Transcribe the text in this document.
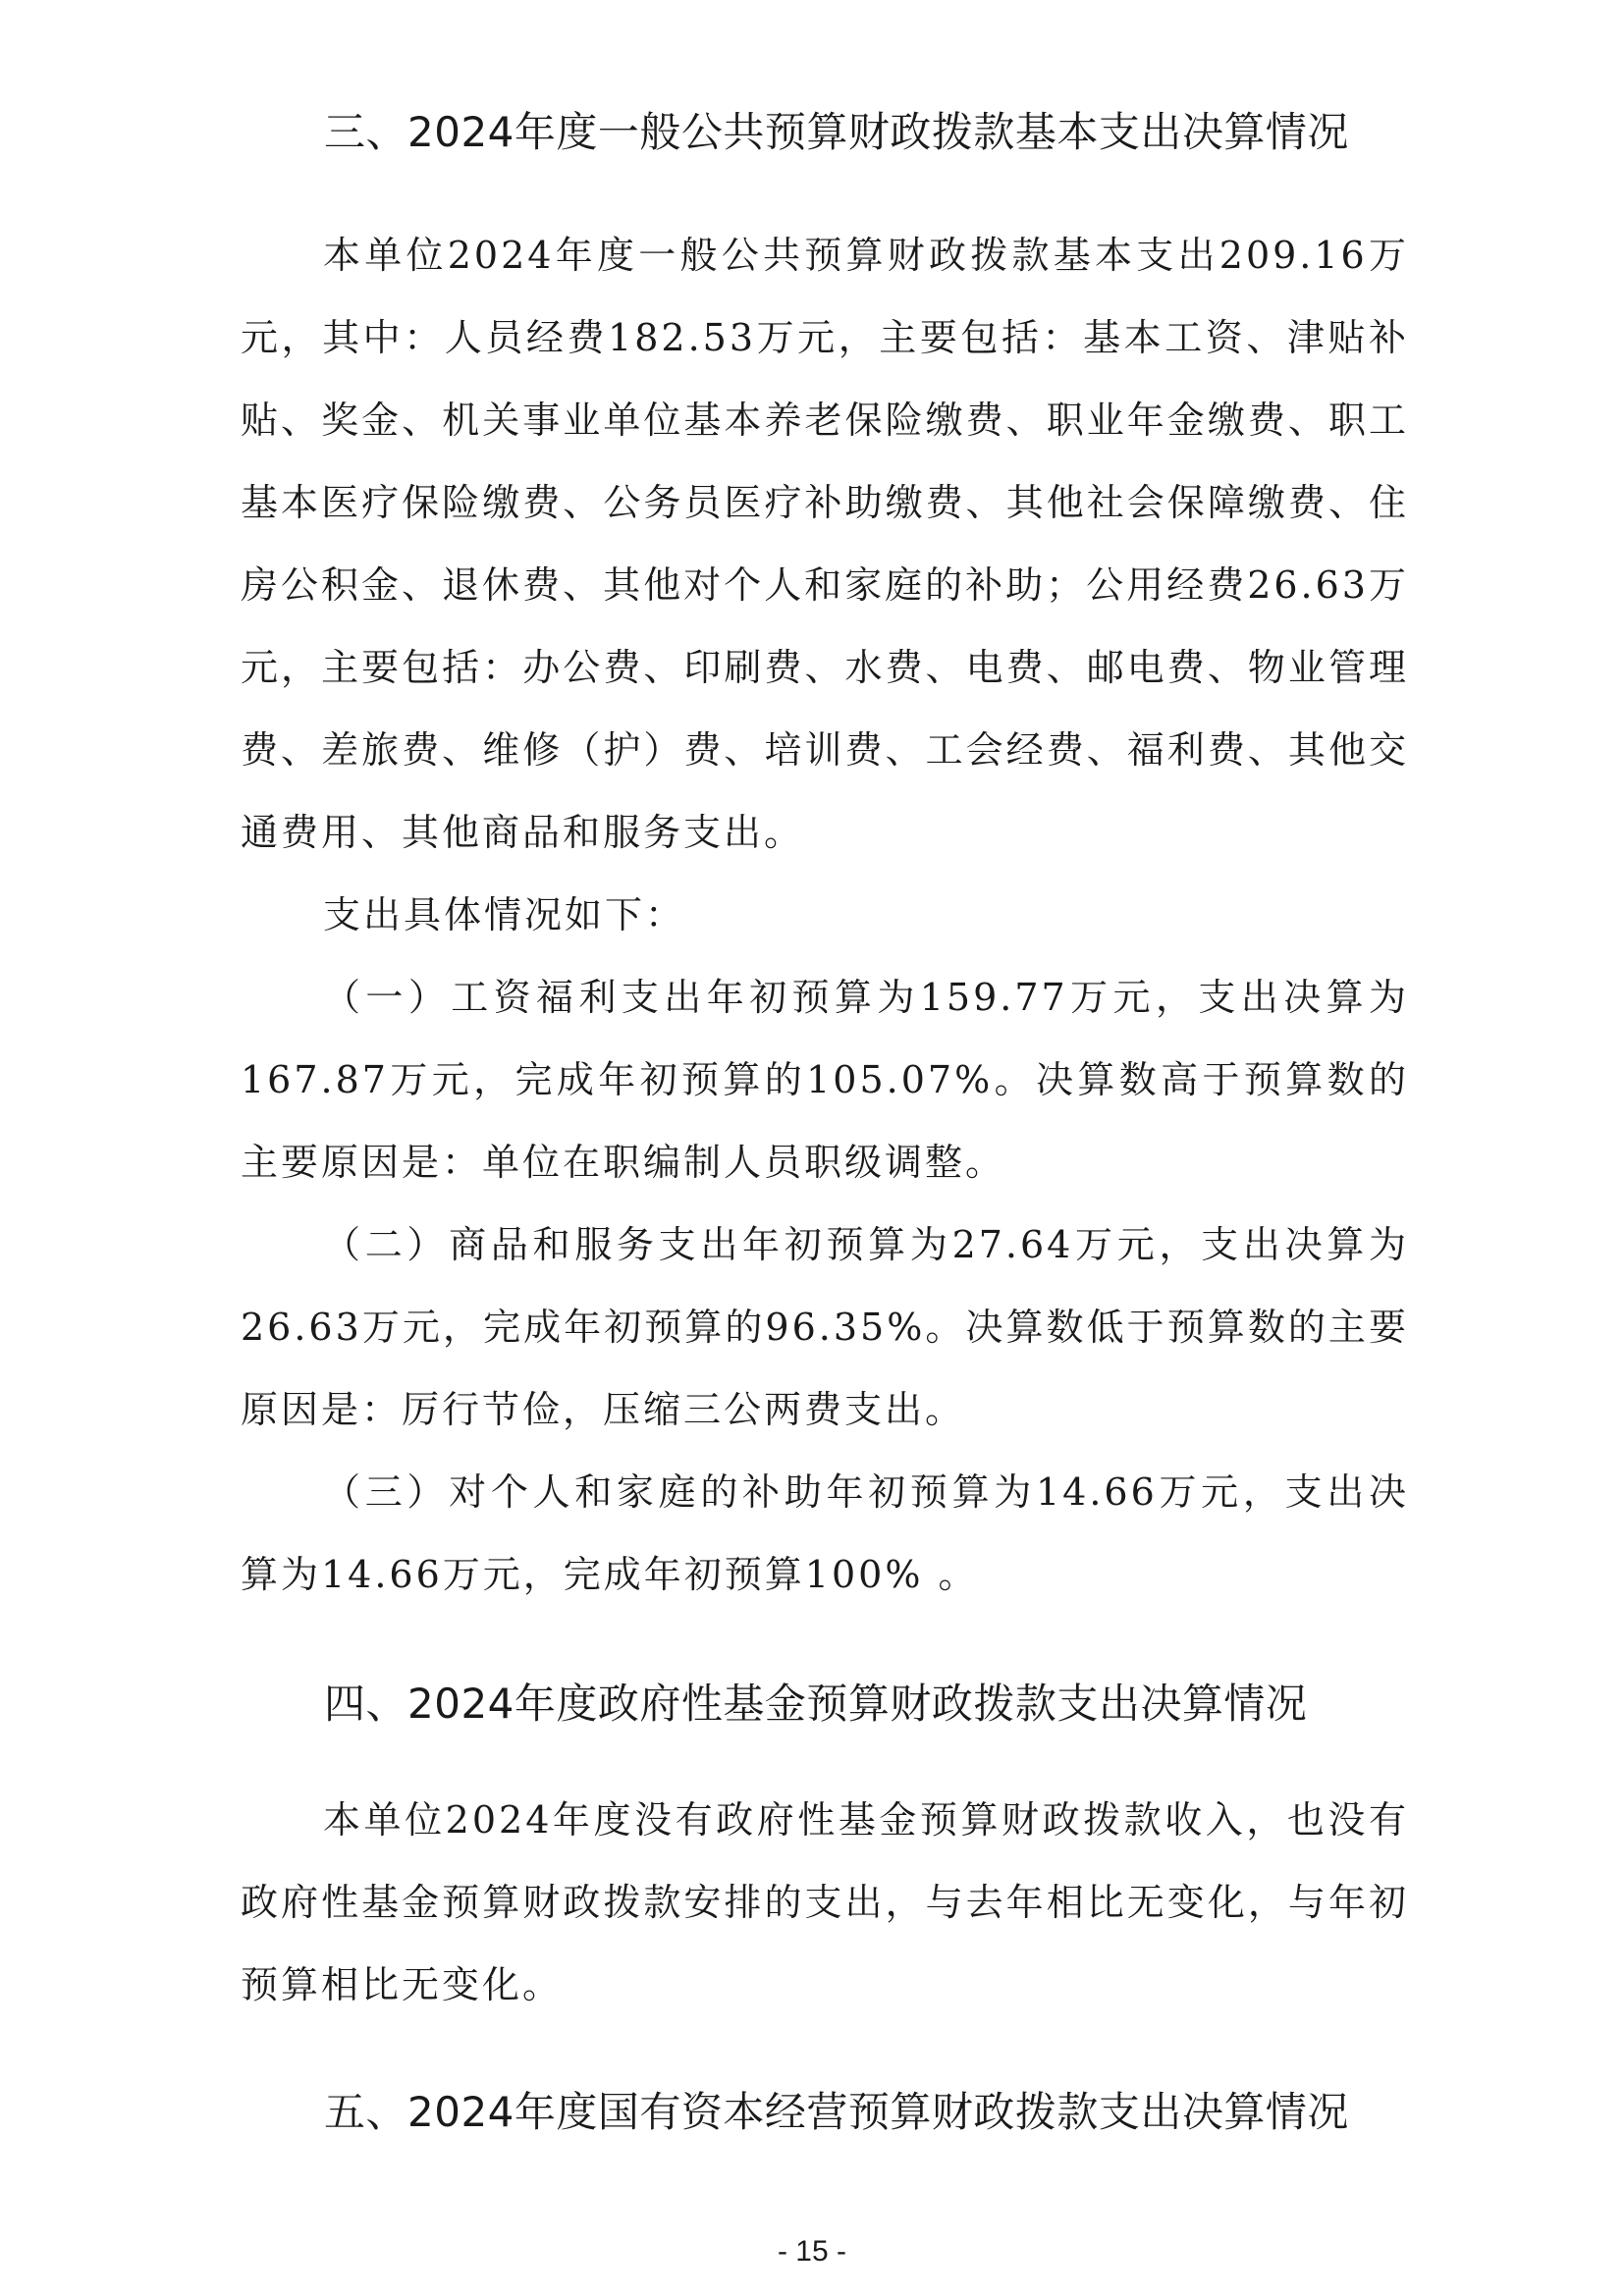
三、2024年度一般公共预算财政拨款基本支出决算情况

本单位2024年度一般公共预算财政拨款基本支出209.16万元，其中：人员经费182.53万元，主要包括：基本工资、津贴补贴、奖金、机关事业单位基本养老保险缴费、职业年金缴费、职工基本医疗保险缴费、公务员医疗补助缴费、其他社会保障缴费、住房公积金、退休费、其他对个人和家庭的补助；公用经费26.63万元，主要包括：办公费、印刷费、水费、电费、邮电费、物业管理费、差旅费、维修（护）费、培训费、工会经费、福利费、其他交通费用、其他商品和服务支出。

支出具体情况如下：

（一）工资福利支出年初预算为159.77万元，支出决算为167.87万元，完成年初预算的105.07%。决算数高于预算数的主要原因是：单位在职编制人员职级调整。

（二）商品和服务支出年初预算为27.64万元，支出决算为26.63万元，完成年初预算的96.35%。决算数低于预算数的主要原因是：厉行节俭，压缩三公两费支出。

（三）对个人和家庭的补助年初预算为14.66万元，支出决算为14.66万元，完成年初预算100% 。

四、2024年度政府性基金预算财政拨款支出决算情况

本单位2024年度没有政府性基金预算财政拨款收入，也没有政府性基金预算财政拨款安排的支出，与去年相比无变化，与年初预算相比无变化。

五、2024年度国有资本经营预算财政拨款支出决算情况
- 15 -
